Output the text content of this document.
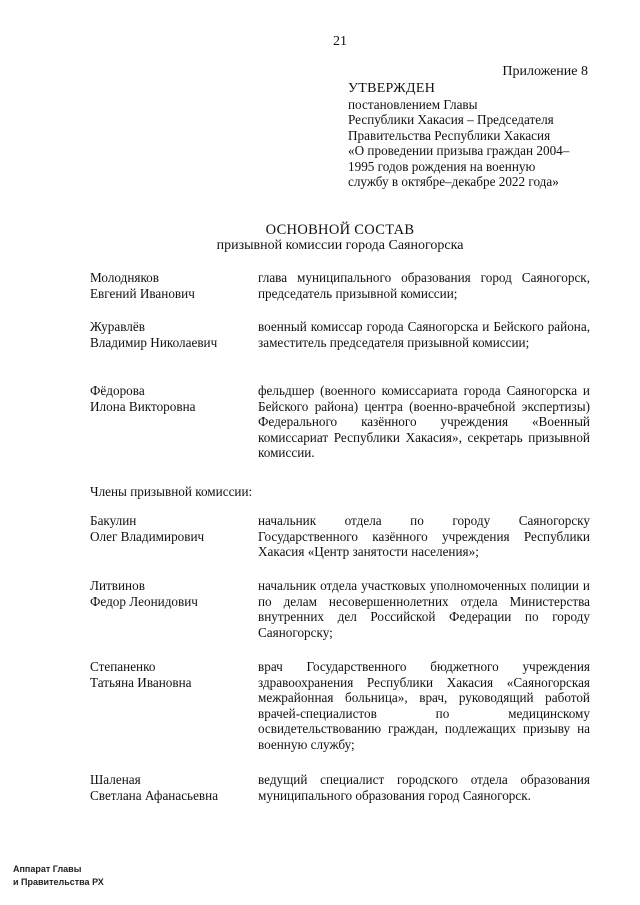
21
Приложение 8
УТВЕРЖДЕН
постановлением Главы
Республики Хакасия – Председателя
Правительства Республики Хакасия
«О проведении призыва граждан 2004–
1995 годов рождения на военную
службу в октябре–декабре 2022 года»
ОСНОВНОЙ СОСТАВ
призывной комиссии города Саяногорска
Молодняков
Евгений Иванович
глава муниципального образования город Саяногорск, председатель призывной комиссии;
Журавлёв
Владимир Николаевич
военный комиссар города Саяногорска и Бейского района, заместитель председателя призывной комиссии;
Фёдорова
Илона Викторовна
фельдшер (военного комиссариата города Саяногорска и Бейского района) центра (военно-врачебной экспертизы) Федерального казённого учреждения «Военный комиссариат Республики Хакасия», секретарь призывной комиссии.
Члены призывной комиссии:
Бакулин
Олег Владимирович
начальник отдела по городу Саяногорску Государственного казённого учреждения Республики Хакасия «Центр занятости населения»;
Литвинов
Федор Леонидович
начальник отдела участковых уполномоченных полиции и по делам несовершеннолетних отдела Министерства внутренних дел Российской Федерации по городу Саяногорску;
Степаненко
Татьяна Ивановна
врач Государственного бюджетного учреждения здравоохранения Республики Хакасия «Саяногорская межрайонная больница», врач, руководящий работой врачей-специалистов по медицинскому освидетельствованию граждан, подлежащих призыву на военную службу;
Шаленая
Светлана Афанасьевна
ведущий специалист городского отдела образования муниципального образования город Саяногорск.
Аппарат Главы
и Правительства РХ
